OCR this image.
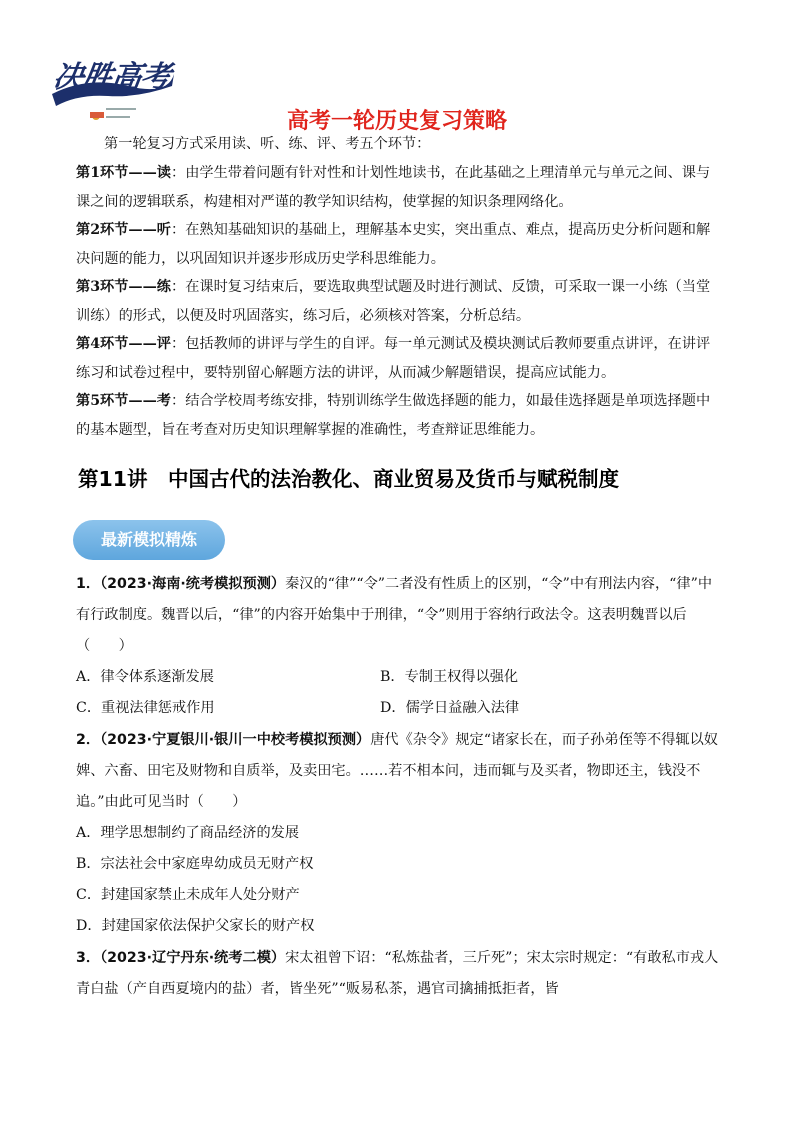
决胜高考
高考一轮历史复习策略
第一轮复习方式采用读、听、练、评、考五个环节：
第1环节——读：由学生带着问题有针对性和计划性地读书，在此基础之上理清单元与单元之间、课与课之间的逻辑联系，构建相对严谨的教学知识结构，使掌握的知识条理网络化。
第2环节——听：在熟知基础知识的基础上，理解基本史实，突出重点、难点，提高历史分析问题和解决问题的能力，以巩固知识并逐步形成历史学科思维能力。
第3环节——练：在课时复习结束后，要选取典型试题及时进行测试、反馈，可采取一课一小练（当堂训练）的形式，以便及时巩固落实，练习后，必须核对答案，分析总结。
第4环节——评：包括教师的讲评与学生的自评。每一单元测试及模块测试后教师要重点讲评，在讲评练习和试卷过程中，要特别留心解题方法的讲评，从而减少解题错误，提高应试能力。
第5环节——考：结合学校周考练安排，特别训练学生做选择题的能力，如最佳选择题是单项选择题中的基本题型，旨在考查对历史知识理解掌握的准确性，考查辩证思维能力。
第11讲　中国古代的法治教化、商业贸易及货币与赋税制度
最新模拟精炼
1．（2023·海南·统考模拟预测）秦汉的“律”“令”二者没有性质上的区别，“令”中有刑法内容，“律”中有行政制度。魏晋以后，“律”的内容开始集中于刑律，“令”则用于容纳行政法令。这表明魏晋以后（　　）
A．律令体系逐渐发展	B．专制王权得以强化
C．重视法律惩戒作用	D．儒学日益融入法律
2．（2023·宁夏银川·银川一中校考模拟预测）唐代《杂令》规定“诸家长在，而子孙弟侄等不得辄以奴婢、六畜、田宅及财物和自质举，及卖田宅。……若不相本问，违而辄与及买者，物即还主，钱没不追。”由此可见当时（　　）
A．理学思想制约了商品经济的发展
B．宗法社会中家庭卑幼成员无财产权
C．封建国家禁止未成年人处分财产
D．封建国家依法保护父家长的财产权
3．（2023·辽宁丹东·统考二模）宋太祖曾下诏：“私炼盐者，三斤死”；宋太宗时规定：“有敢私市戎人青白盐（产自西夏境内的盐）者，皆坐死”“贩易私茶，遇官司擒捕抵拒者，皆
